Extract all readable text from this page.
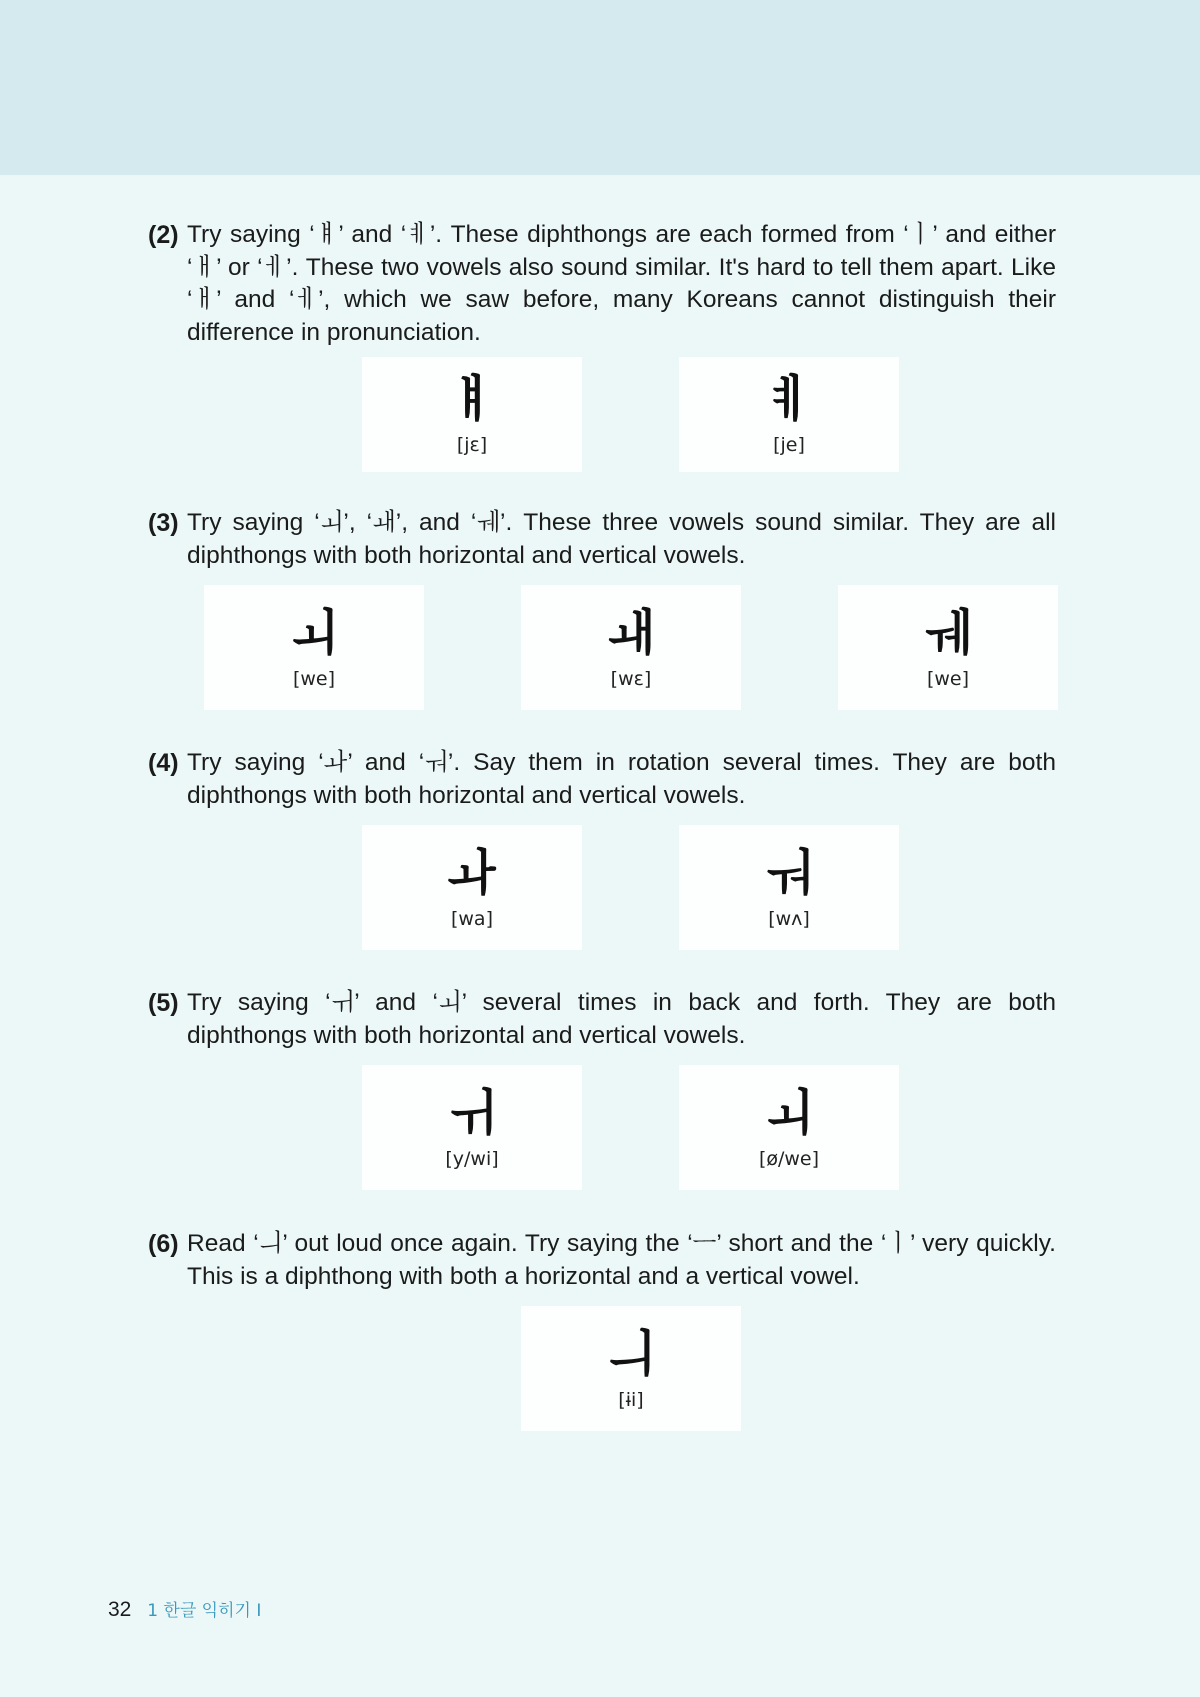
(2) Try saying ‘ㅒ’ and ‘ㅖ’. These diphthongs are each formed from ‘ㅣ’ and either ‘ㅐ’ or ‘ㅔ’. These two vowels also sound similar. It's hard to tell them apart. Like ‘ㅐ’ and ‘ㅔ’, which we saw before, many Koreans cannot distinguish their difference in pronunciation.

ㅒ
[jɛ]
ㅖ
[je]

(3) Try saying ‘ㅚ’, ‘ㅙ’, and ‘ㅞ’. These three vowels sound similar. They are all diphthongs with both horizontal and vertical vowels.

ㅚ
[we]
ㅙ
[wɛ]
ㅞ
[we]

(4) Try saying ‘ㅘ’ and ‘ㅝ’. Say them in rotation several times. They are both diphthongs with both horizontal and vertical vowels.

ㅘ
[wa]
ㅝ
[wʌ]

(5) Try saying ‘ㅟ’ and ‘ㅚ’ several times in back and forth. They are both diphthongs with both horizontal and vertical vowels.

ㅟ
[y/wi]
ㅚ
[ø/we]

(6) Read ‘ㅢ’ out loud once again. Try saying the ‘ㅡ’ short and the ‘ㅣ’ very quickly. This is a diphthong with both a horizontal and a vertical vowel.

ㅢ
[ɨi]
32 1 한글 익히기 Ⅰ
